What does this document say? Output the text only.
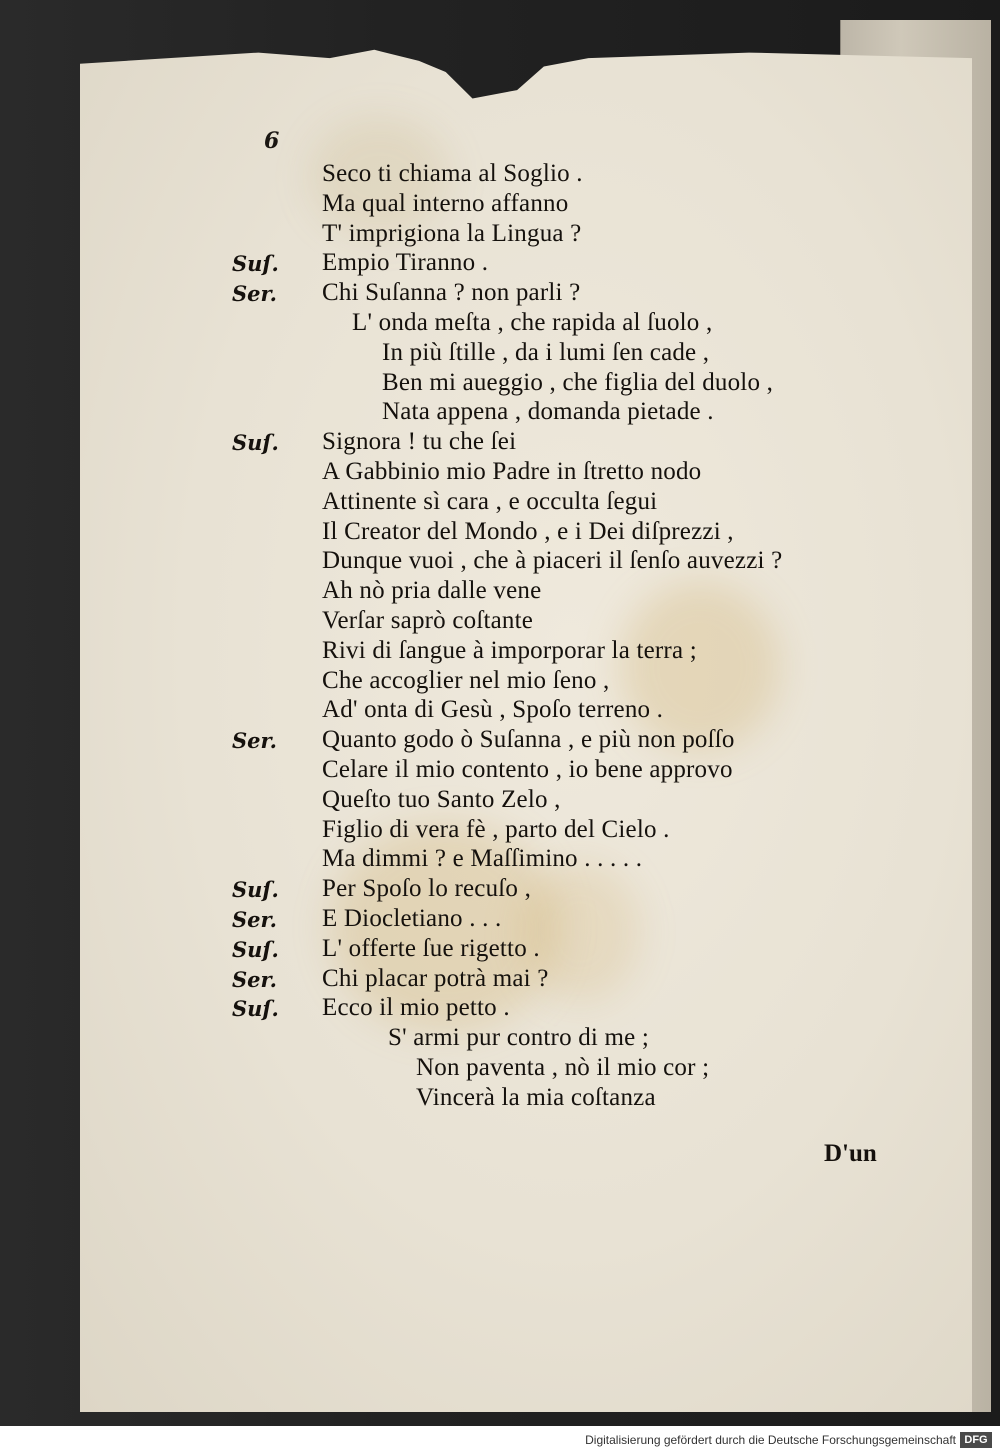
6
Seco ti chiama al Soglio .
Ma qual interno affanno
T' imprigiona la Lingua ?
Suſ. Empio Tiranno .
Ser. Chi Suſanna ? non parli ?
L' onda meſta , che rapida al ſuolo ,
In più ſtille , da i lumi ſen cade ,
Ben mi aueggio , che figlia del duolo ,
Nata appena , domanda pietade .
Suſ. Signora ! tu che ſei
A Gabbinio mio Padre in ſtretto nodo
Attinente sì cara , e occulta ſegui
Il Creator del Mondo , e i Dei diſprezzi ,
Dunque vuoi , che à piaceri il ſenſo auvezzi ?
Ah nò pria dalle vene
Verſar saprò coſtante
Rivi di ſangue à imporporar la terra ;
Che accoglier nel mio ſeno ,
Ad' onta di Gesù , Spoſo terreno .
Ser. Quanto godo ò Suſanna , e più non poſſo
Celare il mio contento , io bene approvo
Queſto tuo Santo Zelo ,
Figlio di vera fè , parto del Cielo .
Ma dimmi ? e Maſſimino . . . . .
Suſ. Per Spoſo lo recuſo ,
Ser. E Diocletiano . . .
Suſ. L' offerte ſue rigetto .
Ser. Chi placar potrà mai ?
Suſ. Ecco il mio petto .
S' armi pur contro di me ;
Non paventa , nò il mio cor ;
Vincerà la mia coſtanza
D'un
Digitalisierung gefördert durch die Deutsche Forschungsgemeinschaft DFG
